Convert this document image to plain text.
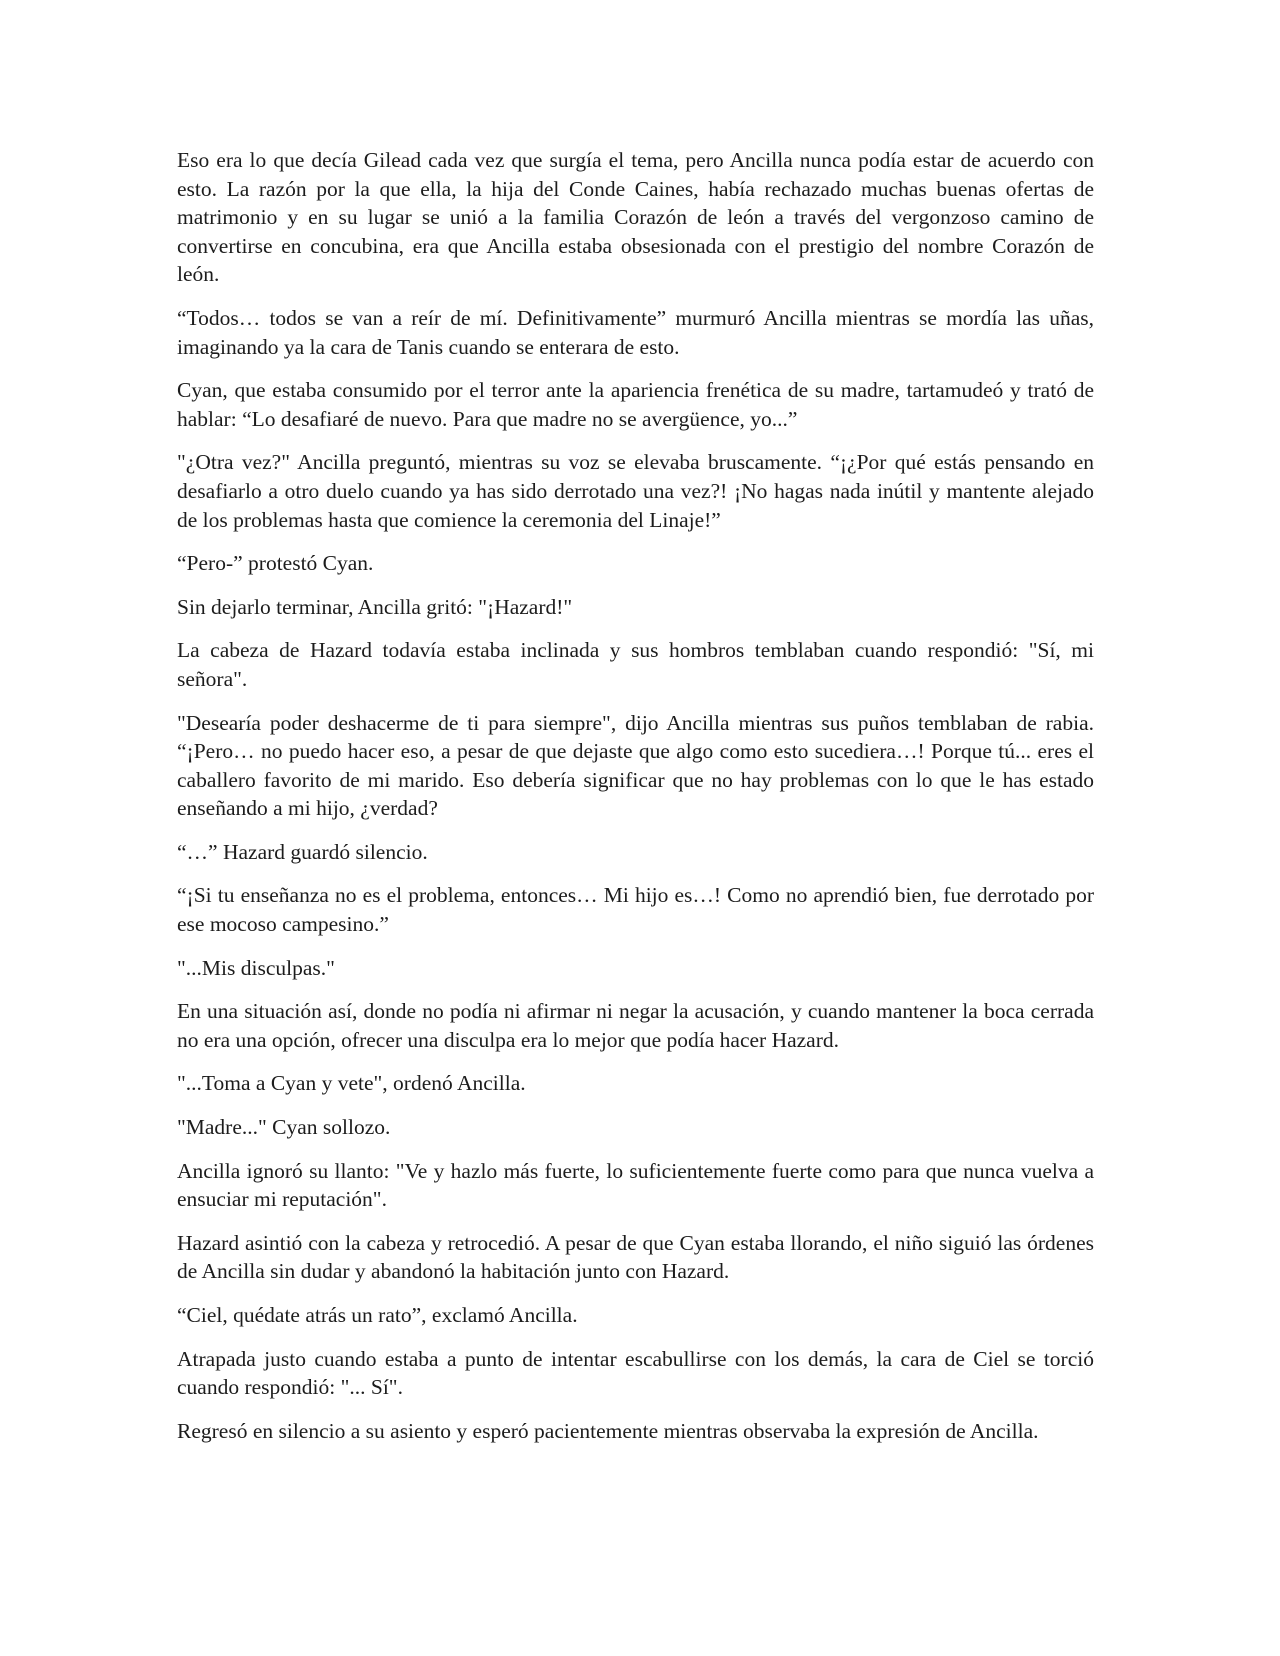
Eso era lo que decía Gilead cada vez que surgía el tema, pero Ancilla nunca podía estar de acuerdo con esto. La razón por la que ella, la hija del Conde Caines, había rechazado muchas buenas ofertas de matrimonio y en su lugar se unió a la familia Corazón de león a través del vergonzoso camino de convertirse en concubina, era que Ancilla estaba obsesionada con el prestigio del nombre Corazón de león.

“Todos… todos se van a reír de mí. Definitivamente” murmuró Ancilla mientras se mordía las uñas, imaginando ya la cara de Tanis cuando se enterara de esto.

Cyan, que estaba consumido por el terror ante la apariencia frenética de su madre, tartamudeó y trató de hablar: “Lo desafiaré de nuevo. Para que madre no se avergüence, yo...”

"¿Otra vez?" Ancilla preguntó, mientras su voz se elevaba bruscamente. “¡¿Por qué estás pensando en desafiarlo a otro duelo cuando ya has sido derrotado una vez?! ¡No hagas nada inútil y mantente alejado de los problemas hasta que comience la ceremonia del Linaje!”

“Pero-” protestó Cyan.

Sin dejarlo terminar, Ancilla gritó: "¡Hazard!"

La cabeza de Hazard todavía estaba inclinada y sus hombros temblaban cuando respondió: "Sí, mi señora".

"Desearía poder deshacerme de ti para siempre", dijo Ancilla mientras sus puños temblaban de rabia. “¡Pero… no puedo hacer eso, a pesar de que dejaste que algo como esto sucediera…! Porque tú... eres el caballero favorito de mi marido. Eso debería significar que no hay problemas con lo que le has estado enseñando a mi hijo, ¿verdad?

“…” Hazard guardó silencio.

“¡Si tu enseñanza no es el problema, entonces… Mi hijo es…! Como no aprendió bien, fue derrotado por ese mocoso campesino.”

"...Mis disculpas."

En una situación así, donde no podía ni afirmar ni negar la acusación, y cuando mantener la boca cerrada no era una opción, ofrecer una disculpa era lo mejor que podía hacer Hazard.

"...Toma a Cyan y vete", ordenó Ancilla.

"Madre..." Cyan sollozo.

Ancilla ignoró su llanto: "Ve y hazlo más fuerte, lo suficientemente fuerte como para que nunca vuelva a ensuciar mi reputación".

Hazard asintió con la cabeza y retrocedió. A pesar de que Cyan estaba llorando, el niño siguió las órdenes de Ancilla sin dudar y abandonó la habitación junto con Hazard.

“Ciel, quédate atrás un rato”, exclamó Ancilla.

Atrapada justo cuando estaba a punto de intentar escabullirse con los demás, la cara de Ciel se torció cuando respondió: "... Sí".

Regresó en silencio a su asiento y esperó pacientemente mientras observaba la expresión de Ancilla.
